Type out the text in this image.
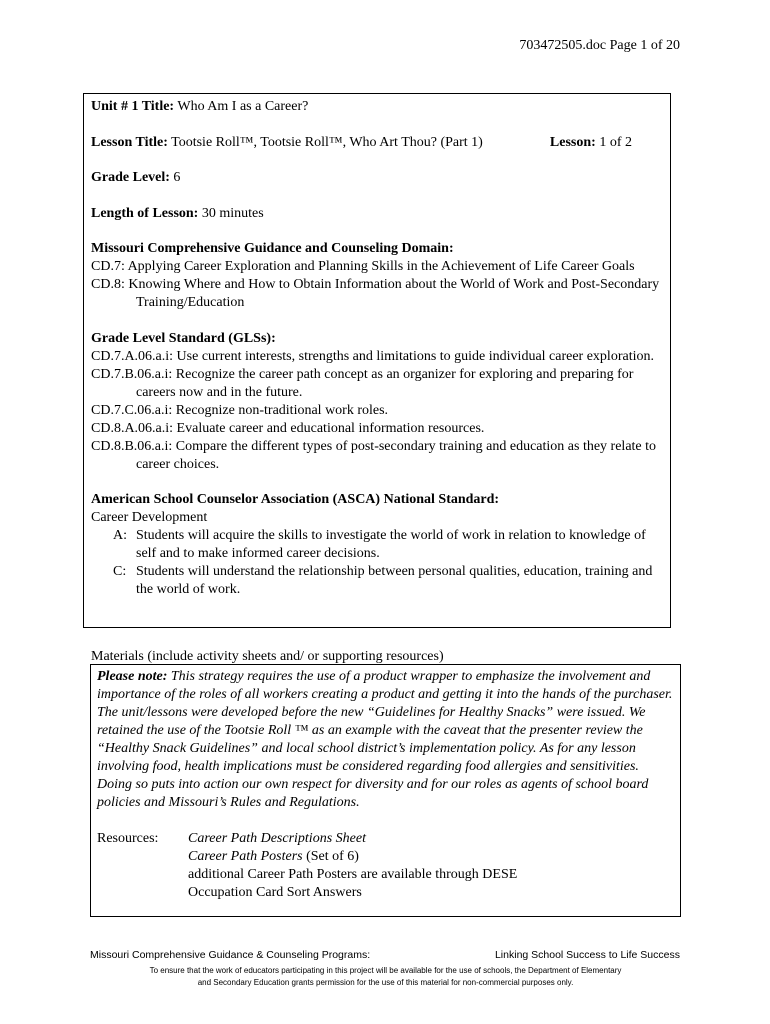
703472505.doc Page 1 of 20

Unit # 1 Title: Who Am I as a Career?

Lesson Title: Tootsie Roll™, Tootsie Roll™, Who Art Thou? (Part 1)	Lesson: 1 of 2

Grade Level: 6

Length of Lesson: 30 minutes

Missouri Comprehensive Guidance and Counseling Domain:

CD.7: Applying Career Exploration and Planning Skills in the Achievement of Life Career Goals

CD.8: Knowing Where and How to Obtain Information about the World of Work and Post-Secondary Training/Education

Grade Level Standard (GLSs):

CD.7.A.06.a.i: Use current interests, strengths and limitations to guide individual career exploration.

CD.7.B.06.a.i: Recognize the career path concept as an organizer for exploring and preparing for careers now and in the future.

CD.7.C.06.a.i: Recognize non-traditional work roles.

CD.8.A.06.a.i: Evaluate career and educational information resources.

CD.8.B.06.a.i: Compare the different types of post-secondary training and education as they relate to career choices.

American School Counselor Association (ASCA) National Standard:

Career Development

A: Students will acquire the skills to investigate the world of work in relation to knowledge of self and to make informed career decisions.
C: Students will understand the relationship between personal qualities, education, training and the world of work.
Materials (include activity sheets and/ or supporting resources)

Please note: This strategy requires the use of a product wrapper to emphasize the involvement and importance of the roles of all workers creating a product and getting it into the hands of the purchaser. The unit/lessons were developed before the new “Guidelines for Healthy Snacks” were issued. We retained the use of the Tootsie Roll ™ as an example with the caveat that the presenter review the “Healthy Snack Guidelines” and local school district’s implementation policy. As for any lesson involving food, health implications must be considered regarding food allergies and sensitivities. Doing so puts into action our own respect for diversity and for our roles as agents of school board policies and Missouri’s Rules and Regulations.

Resources:	Career Path Descriptions Sheet
Career Path Posters (Set of 6)
additional Career Path Posters are available through DESE
Occupation Card Sort Answers
Missouri Comprehensive Guidance & Counseling Programs:	Linking School Success to Life Success
To ensure that the work of educators participating in this project will be available for the use of schools, the Department of Elementary
and Secondary Education grants permission for the use of this material for non-commercial purposes only.
